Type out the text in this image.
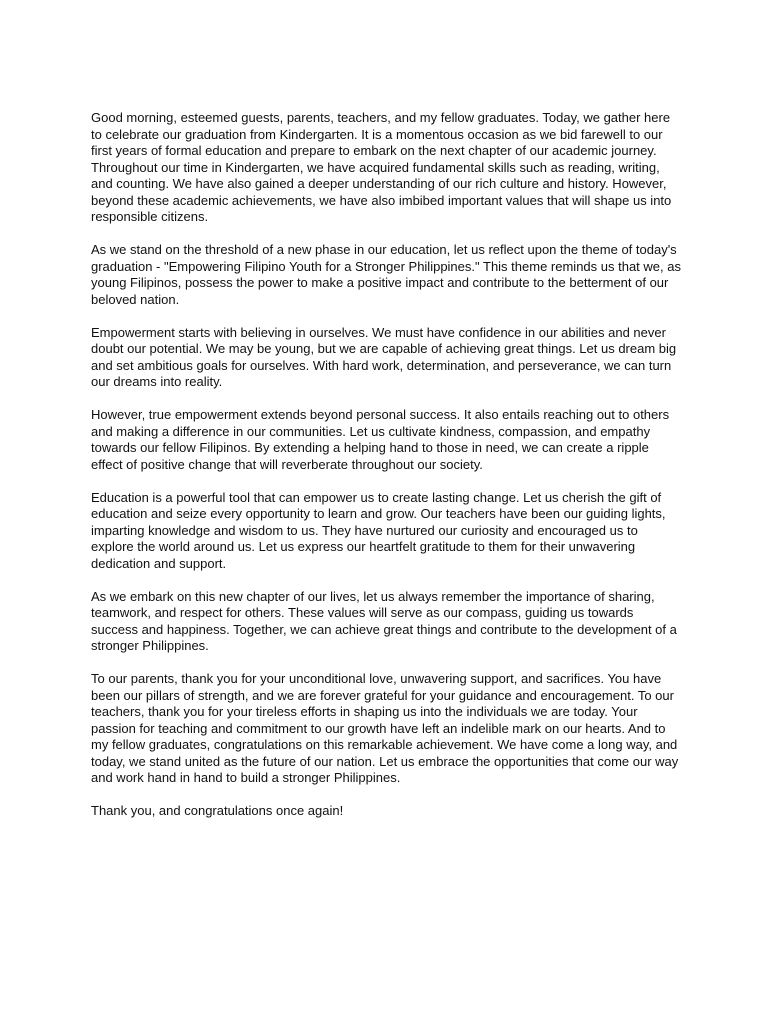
Good morning, esteemed guests, parents, teachers, and my fellow graduates. Today, we gather here to celebrate our graduation from Kindergarten. It is a momentous occasion as we bid farewell to our first years of formal education and prepare to embark on the next chapter of our academic journey. Throughout our time in Kindergarten, we have acquired fundamental skills such as reading, writing, and counting. We have also gained a deeper understanding of our rich culture and history. However, beyond these academic achievements, we have also imbibed important values that will shape us into responsible citizens.

As we stand on the threshold of a new phase in our education, let us reflect upon the theme of today's graduation - "Empowering Filipino Youth for a Stronger Philippines." This theme reminds us that we, as young Filipinos, possess the power to make a positive impact and contribute to the betterment of our beloved nation.

Empowerment starts with believing in ourselves. We must have confidence in our abilities and never doubt our potential. We may be young, but we are capable of achieving great things. Let us dream big and set ambitious goals for ourselves. With hard work, determination, and perseverance, we can turn our dreams into reality.

However, true empowerment extends beyond personal success. It also entails reaching out to others and making a difference in our communities. Let us cultivate kindness, compassion, and empathy towards our fellow Filipinos. By extending a helping hand to those in need, we can create a ripple effect of positive change that will reverberate throughout our society.

Education is a powerful tool that can empower us to create lasting change. Let us cherish the gift of education and seize every opportunity to learn and grow. Our teachers have been our guiding lights, imparting knowledge and wisdom to us. They have nurtured our curiosity and encouraged us to explore the world around us. Let us express our heartfelt gratitude to them for their unwavering dedication and support.

As we embark on this new chapter of our lives, let us always remember the importance of sharing, teamwork, and respect for others. These values will serve as our compass, guiding us towards success and happiness. Together, we can achieve great things and contribute to the development of a stronger Philippines.

To our parents, thank you for your unconditional love, unwavering support, and sacrifices. You have been our pillars of strength, and we are forever grateful for your guidance and encouragement. To our teachers, thank you for your tireless efforts in shaping us into the individuals we are today. Your passion for teaching and commitment to our growth have left an indelible mark on our hearts. And to my fellow graduates, congratulations on this remarkable achievement. We have come a long way, and today, we stand united as the future of our nation. Let us embrace the opportunities that come our way and work hand in hand to build a stronger Philippines.

Thank you, and congratulations once again!
